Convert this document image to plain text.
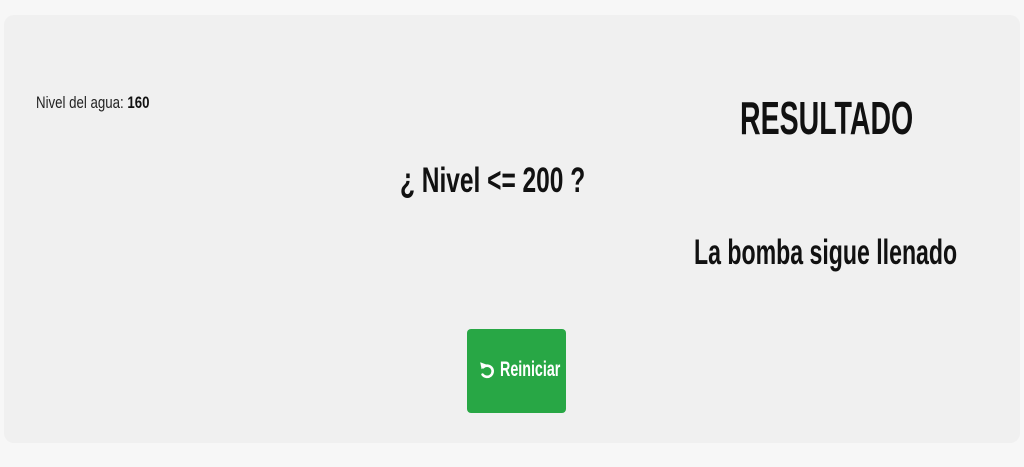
Nivel del agua: 160
¿ Nivel <= 200 ?
RESULTADO
La bomba sigue llenado
Reiniciar
